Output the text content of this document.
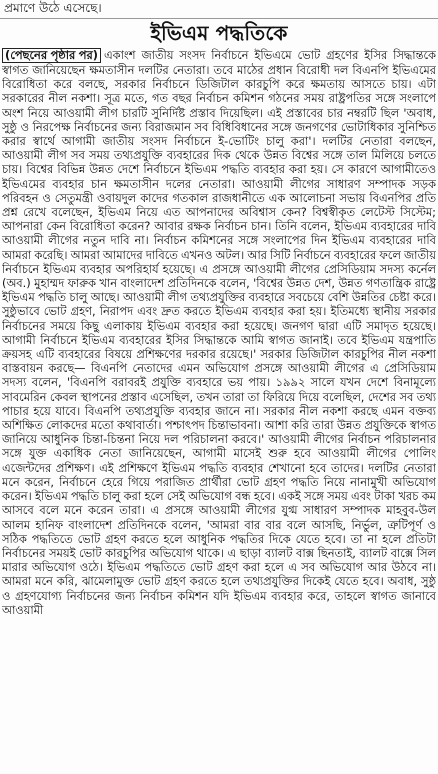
প্রমাণে উঠে এসেছে।
ইভিএম পদ্ধতিকে

(পেছনের পৃষ্ঠার পর) একাংশ জাতীয় সংসদ নির্বাচনে ইভিএমে ভোট গ্রহণের ইসির সিদ্ধান্তকে স্বাগত জানিয়েছেন ক্ষমতাসীন দলটির নেতারা। তবে মাঠের প্রধান বিরোধী দল বিএনপি ইভিএমের বিরোধিতা করে বলছে, সরকার নির্বাচনে ডিজিটাল কারচুপি করে ক্ষমতায় আসতে চায়। এটা সরকারের নীল নকশা। সূত্র মতে, গত বছর নির্বাচন কমিশন গঠনের সময় রাষ্ট্রপতির সঙ্গে সংলাপে অংশ নিয়ে আওয়ামী লীগ চারটি সুনির্দিষ্ট প্রস্তাব দিয়েছিল। এই প্রস্তাবের চার নম্বরটি ছিল 'অবাধ, সুষ্ঠু ও নিরপেক্ষ নির্বাচনের জন্য বিরাজমান সব বিধিবিধানের সঙ্গে জনগণের ভোটাধিকার সুনিশ্চিত করার স্বার্থে আগামী জাতীয় সংসদ নির্বাচনে ই-ভোটিং চালু করা'। দলটির নেতারা বলছেন, আওয়ামী লীগ সব সময় তথ্যপ্রযুক্তি ব্যবহারের দিক থেকে উন্নত বিশ্বের সঙ্গে তাল মিলিয়ে চলতে চায়। বিশ্বের বিভিন্ন উন্নত দেশে নির্বাচনে ইভিএম পদ্ধতি ব্যবহার করা হয়। সে কারণে আগামীতেও ইভিএমের ব্যবহার চান ক্ষমতাসীন দলের নেতারা। আওয়ামী লীগের সাধারণ সম্পাদক সড়ক পরিবহন ও সেতুমন্ত্রী ওবায়দুল কাদের গতকাল রাজধানীতে এক আলোচনা সভায় বিএনপির প্রতি প্রশ্ন রেখে বলেছেন, ইভিএম নিয়ে এত আপনাদের অবিশ্বাস কেন? বিশ্বস্বীকৃত লেটেস্ট সিস্টেম; আপনারা কেন বিরোধিতা করেন? আবার রক্ষক নির্বাচন চান। তিনি বলেন, ইভিএম ব্যবহারের দাবি আওয়ামী লীগের নতুন দাবি না। নির্বাচন কমিশনের সঙ্গে সংলাপের দিন ইভিএম ব্যবহারের দাবি আমরা করেছি। আমরা আমাদের দাবিতে এখনও অটল। আর সিটি নির্বাচনে ব্যবহারের ফলে জাতীয় নির্বাচনে ইভিএম ব্যবহার অপরিহার্য হয়েছে। এ প্রসঙ্গে আওয়ামী লীগের প্রেসিডিয়াম সদস্য কর্নেল (অব.) মুহাম্মদ ফারুক খান বাংলাদেশ প্রতিদিনকে বলেন, 'বিশ্বের উন্নত দেশ, উন্নত গণতান্ত্রিক রাষ্ট্রে ইভিএম পদ্ধতি চালু আছে। আওয়ামী লীগ তথ্যপ্রযুক্তির ব্যবহারে সবচেয়ে বেশি উন্নতির চেষ্টা করে। সুষ্ঠুভাবে ভোট গ্রহণ, নিরাপদ এবং দ্রুত করতে ইভিএম ব্যবহার করা হয়। ইতিমধ্যে স্থানীয় সরকার নির্বাচনের সময়ে কিছু এলাকায় ইভিএম ব্যবহার করা হয়েছে। জনগণ দ্বারা এটি সমাদৃত হয়েছে। আগামী নির্বাচনে ইভিএম ব্যবহারের ইসির সিদ্ধান্তকে আমি স্বাগত জানাই। তবে ইভিএম যন্ত্রপাতি ক্রয়সহ এটি ব্যবহারের বিষয়ে প্রশিক্ষণের দরকার রয়েছে।' সরকার ডিজিটাল কারচুপির নীল নকশা বাস্তবায়ন করছে— বিএনপি নেতাদের এমন অভিযোগ প্রসঙ্গে আওয়ামী লীগের এ প্রেসিডিয়াম সদস্য বলেন, 'বিএনপি বরাবরই প্রযুক্তি ব্যবহারে ভয় পায়। ১৯৯২ সালে যখন দেশে বিনামূল্যে সাবমেরিন কেবল স্থাপনের প্রস্তাব এসেছিল, তখন তারা তা ফিরিয়ে দিয়ে বলেছিল, দেশের সব তথ্য পাচার হয়ে যাবে। বিএনপি তথ্যপ্রযুক্তি ব্যবহার জানে না। সরকার নীল নকশা করছে এমন বক্তব্য অশিক্ষিত লোকদের মতো কথাবার্তা। পশ্চাৎপদ চিন্তাভাবনা। আশা করি তারা উন্নত প্রযুক্তিকে স্বাগত জানিয়ে আধুনিক চিন্তা-চিন্তনা নিয়ে দল পরিচালনা করবে।' আওয়ামী লীগের নির্বাচন পরিচালনার সঙ্গে যুক্ত একাধিক নেতা জানিয়েছেন, আগামী মাসেই শুরু হবে আওয়ামী লীগের পোলিং এজেন্টদের প্রশিক্ষণ। এই প্রশিক্ষণে ইভিএম পদ্ধতি ব্যবহার শেখানো হবে তাদের। দলটির নেতারা মনে করেন, নির্বাচনে হেরে গিয়ে পরাজিত প্রার্থীরা ভোট গ্রহণ পদ্ধতি নিয়ে নানামুখী অভিযোগ করেন। ইভিএম পদ্ধতি চালু করা হলে সেই অভিযোগ বন্ধ হবে। একই সঙ্গে সময় এবং টাকা খরচ কম আসবে বলে মনে করেন তারা। এ প্রসঙ্গে আওয়ামী লীগের যুগ্ম সাধারণ সম্পাদক মাহবুব-উল আলম হানিফ বাংলাদেশ প্রতিদিনকে বলেন, 'আমরা বার বার বলে আসছি, নির্ভুল, ত্রুটিপূর্ণ ও সঠিক পদ্ধতিতে ভোট গ্রহণ করতে হলে আধুনিক পদ্ধতির দিকে যেতে হবে। তা না হলে প্রতিটা নির্বাচনের সময়ই ভোট কারচুপির অভিযোগ থাকে। এ ছাড়া ব্যালট বাক্স ছিনতাই, ব্যালট বাক্সে সিল মারার অভিযোগ ওঠে। ইভিএম পদ্ধতিতে ভোট গ্রহণ করা হলে এ সব অভিযোগ আর উঠবে না। আমরা মনে করি, ঝামেলামুক্ত ভোট গ্রহণ করতে হলে তথ্যপ্রযুক্তির দিকেই যেতে হবে। অবাধ, সুষ্ঠু ও গ্রহণযোগ্য নির্বাচনের জন্য নির্বাচন কমিশন যদি ইভিএম ব্যবহার করে, তাহলে স্বাগত জানাবে আওয়ামী
